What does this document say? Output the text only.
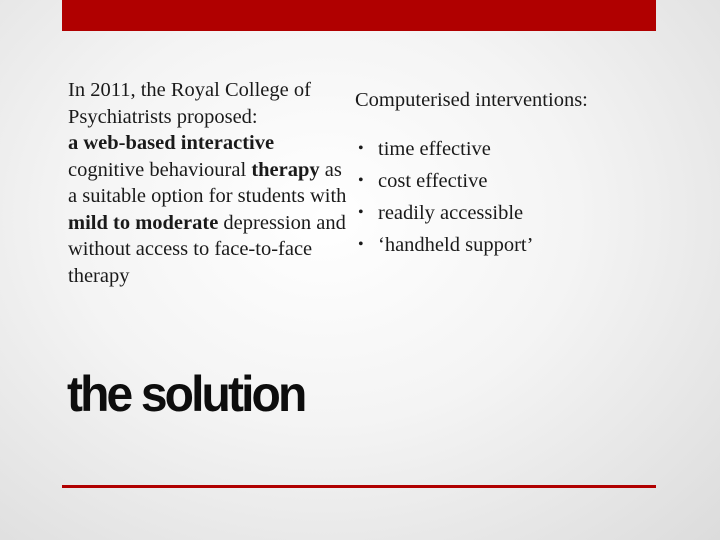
In 2011, the Royal College of Psychiatrists proposed:
a web-based interactive cognitive behavioural therapy as a suitable option for students with mild to moderate depression and without access to face-to-face therapy

Computerised interventions:

• time effective
• cost effective
• readily accessible
• ‘handheld support’
the solution
